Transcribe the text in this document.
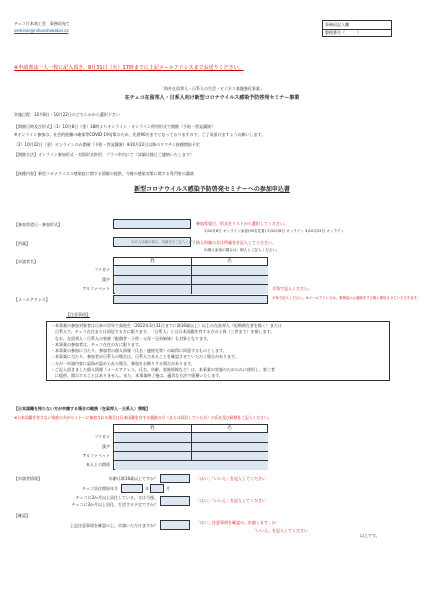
チェコ日本商工会　事務局宛て
seminar@nihonshokokai.cz
事務局記入欄
整理番号（　　　）
※申請書は一人一枚に記入頂き、8月31日（火）17時までに上記メールアドレスまでお送りください。
「海外在留邦人・日系人の生活・ビジネス基盤強化事業」
在チェコ在留邦人・日系人向け新型コロナウイルス感染予防啓発セミナー事業
実施日程：10月8日・10月22日のどちらかから選択下さい
【開催日時及び形式】（1）10月8日（金）18時よりオンライン・オンライン併用形式で開催（予防・啓発講演）
※オンライン参加は、社会的距離の確保等COVID-19対策のため、先着90名までとなっておりますので、ご了承頂けますようお願いします。
（2）10月22日（金）オンラインのみ開催（予防・啓発講演）※10月22日以降のワクチン接種開始予定
【開催方法】オンライン参加形式・対面形式併用：プラハ市内にて（詳細は後日ご連絡いたします）
【接種内容】新型コロナウイルス感染症に関する情報の提供、今後の感染対策に関する専門家の講演
新型コロナウイルス感染予防啓発セミナーへの参加申込書
【参加希望日・参加形式】	参加希望日、形式をリストから選択してください。
1)10月8日 オンライン参加(90名先着) 2)10月8日 オンライン 3)10月22日 オンライン
【所属】	1)法人所属の場合、所属先をご記入ください。
法人所属の方は所属先を記入してください。
2)個人参加の場合は、個人とご記入ください。
【申請者名】	姓	名
フリガナ
漢字
アルファベット	半角で記入ください。
【メールアドレス】	半角で記入ください。※メールアドレスは、事務局から連絡をする際に使用させていただきます。
【注意事項】
・本事業の参加対象者は日本の学年で高校生（2022年3月31日までに満16歳以上）以上の在留邦人（短期滞在者を除く）または
　日系人で、チェコ在住または同居する方に限ります。「日系人」とは日本国籍を有する方の子孫（三世まで）を指します。
　なお、在留邦人・日系人の家族（配偶者・子供・父母・兄弟姉妹）も対象となります。
・本事業の参加者は、チェコ在住の方に限ります。
・本事業の参加に当たり、参加者の個人情報（氏名・連絡先等）の取得に同意するものとします。
・本事業に当たり、参加者が日系人の場合は、日系人であることを確認させていただく場合があります。
・万が一申請内容に虚偽が認められた場合、参加をお断りする場合があります。
・ご記入頂きました個人情報（メールアドレス、氏名、年齢、家族情報など）は、本事業の実施のためのみに使用し、第三者
　に提供、開示することはありません。また、本事業終了後は、適切な方法で廃棄いたします。
【日本国籍を持たない方が申請する場合の親族（在留邦人・日系人）情報】
※日本国籍を有さない家族の方がセミナーに参加される場合は日本国籍を有する親族の方（または同居していた方）の氏名及び続柄をご記入ください。
姓	名
フリガナ
漢字
アルファベット
本人との関係
【申請者情報】	年齢は満16歳以上ですか？	「はい」「いいえ」を記入してください
チェコ居住開始年月	年	月
チェコに3か月以上居住している、又は今後、
チェコに3か月以上居住、生活する予定ですか？
「はい」「いいえ」を記入してください
【確認】
上記注意事項を確認の上、申請いただけますか？
「はい」注意事項を確認の、申請します」か
「いいえ」を記入してください
以上です。
